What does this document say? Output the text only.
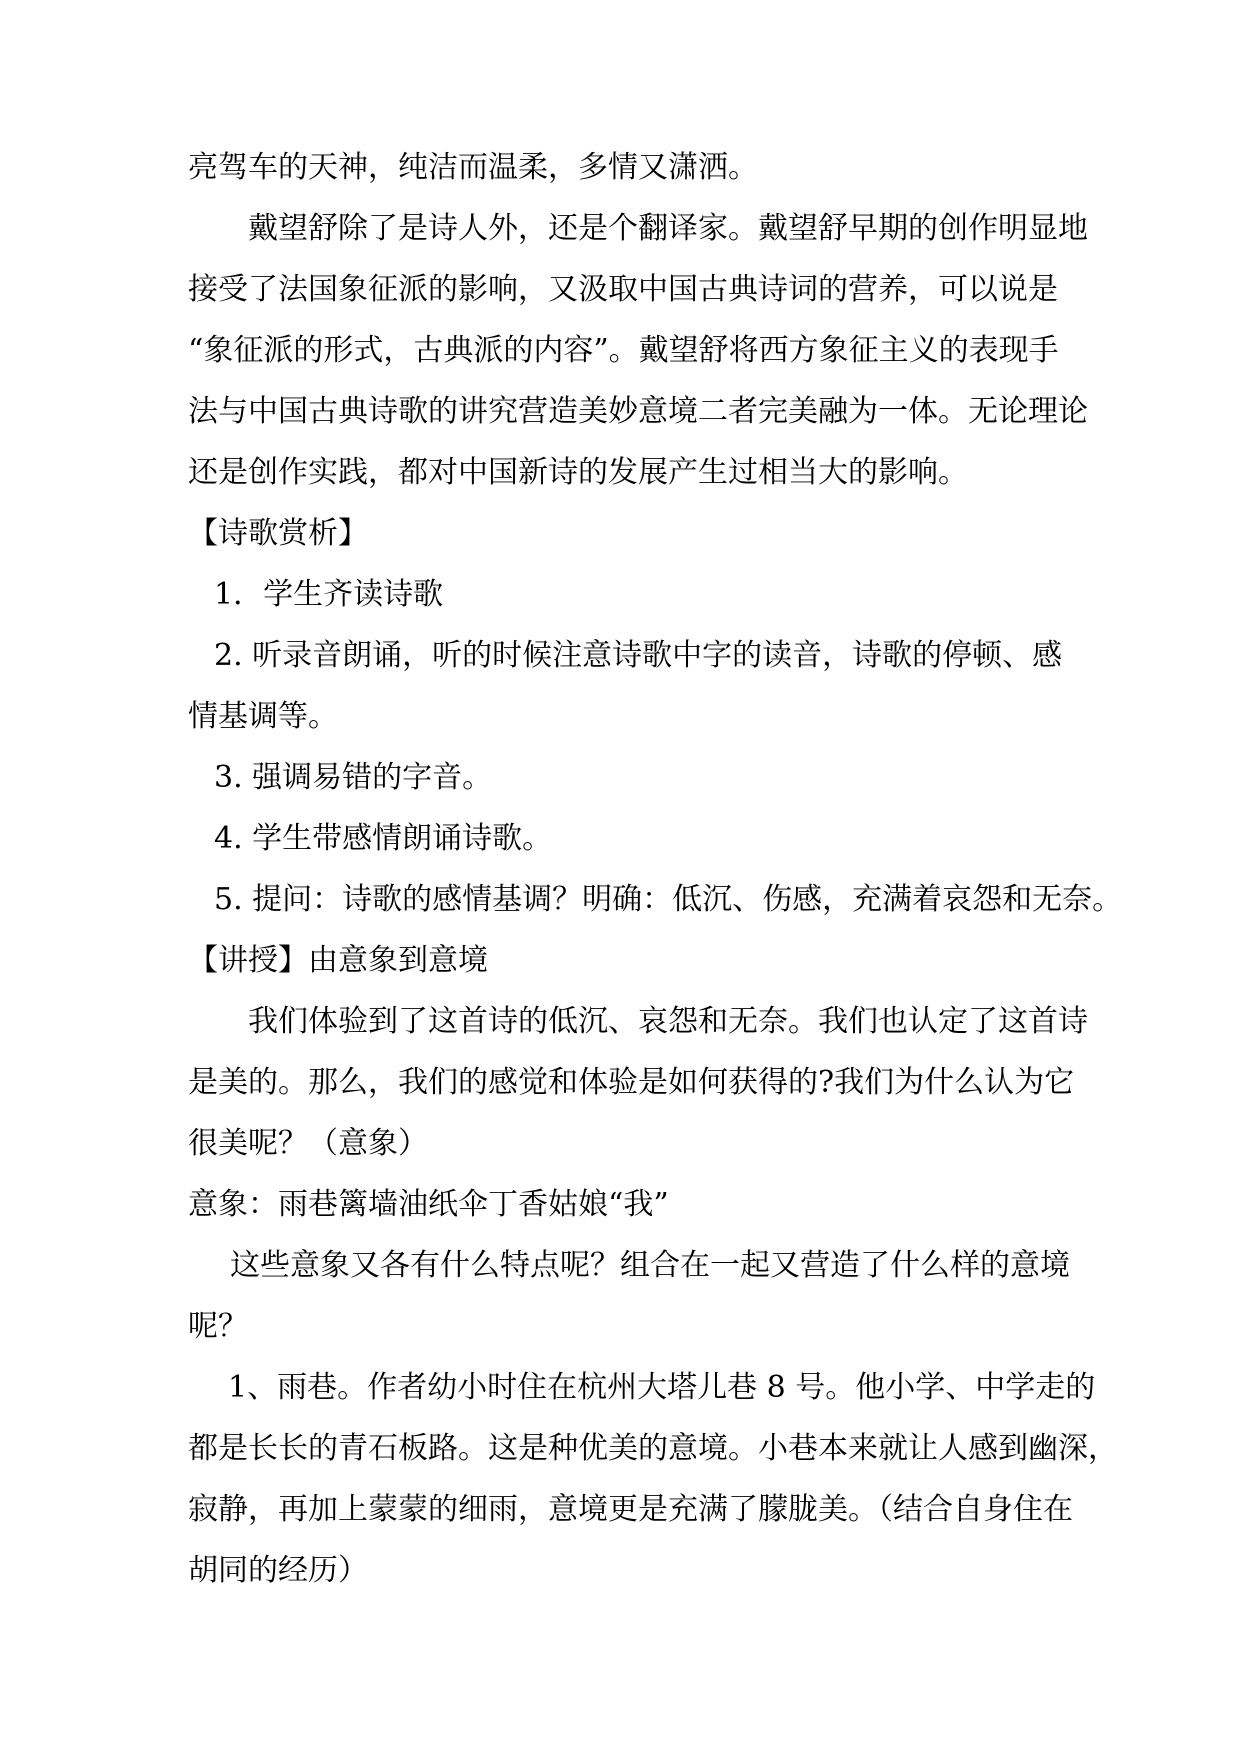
亮驾车的天神，纯洁而温柔，多情又潇洒。
戴望舒除了是诗人外，还是个翻译家。戴望舒早期的创作明显地
接受了法国象征派的影响，又汲取中国古典诗词的营养，可以说是
“象征派的形式，古典派的内容”。戴望舒将西方象征主义的表现手
法与中国古典诗歌的讲究营造美妙意境二者完美融为一体。无论理论
还是创作实践，都对中国新诗的发展产生过相当大的影响。
【诗歌赏析】
1．学生齐读诗歌
2. 听录音朗诵，听的时候注意诗歌中字的读音，诗歌的停顿、感
情基调等。
3. 强调易错的字音。
4. 学生带感情朗诵诗歌。
5. 提问：诗歌的感情基调？明确：低沉、伤感，充满着哀怨和无奈。
【讲授】由意象到意境
我们体验到了这首诗的低沉、哀怨和无奈。我们也认定了这首诗
是美的。那么，我们的感觉和体验是如何获得的?我们为什么认为它
很美呢？（意象）
意象：雨巷篱墙油纸伞丁香姑娘“我”
这些意象又各有什么特点呢？组合在一起又营造了什么样的意境
呢？
1、雨巷。作者幼小时住在杭州大塔儿巷 8 号。他小学、中学走的
都是长长的青石板路。这是种优美的意境。小巷本来就让人感到幽深，
寂静，再加上蒙蒙的细雨，意境更是充满了朦胧美。（结合自身住在
胡同的经历）
